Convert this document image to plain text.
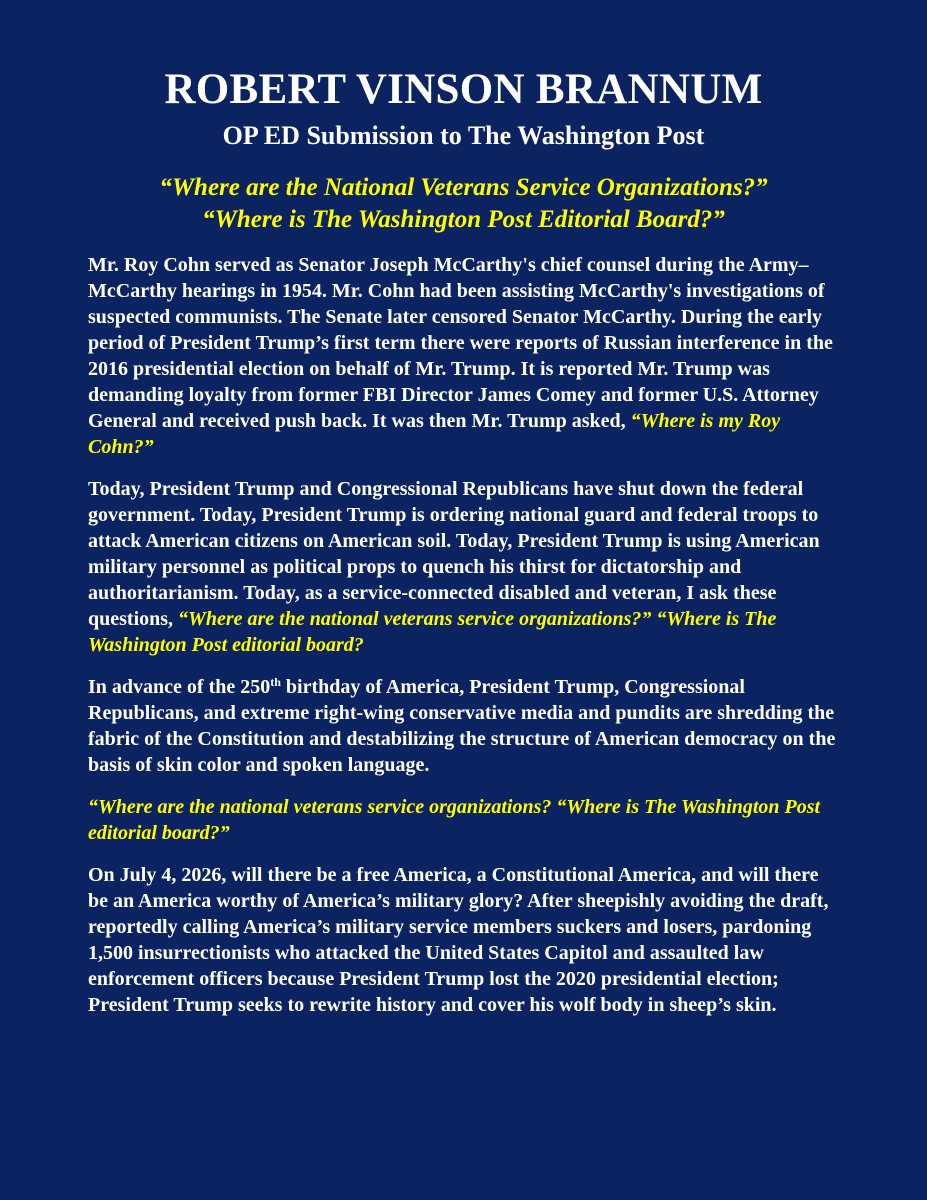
ROBERT VINSON BRANNUM
OP ED Submission to The Washington Post
“Where are the National Veterans Service Organizations?”
“Where is The Washington Post Editorial Board?”

Mr. Roy Cohn served as Senator Joseph McCarthy's chief counsel during the Army–McCarthy hearings in 1954. Mr. Cohn had been assisting McCarthy's investigations of suspected communists. The Senate later censored Senator McCarthy. During the early period of President Trump’s first term there were reports of Russian interference in the 2016 presidential election on behalf of Mr. Trump. It is reported Mr. Trump was demanding loyalty from former FBI Director James Comey and former U.S. Attorney General and received push back. It was then Mr. Trump asked, “Where is my Roy Cohn?”

Today, President Trump and Congressional Republicans have shut down the federal government. Today, President Trump is ordering national guard and federal troops to attack American citizens on American soil. Today, President Trump is using American military personnel as political props to quench his thirst for dictatorship and authoritarianism. Today, as a service-connected disabled and veteran, I ask these questions, “Where are the national veterans service organizations?” “Where is The Washington Post editorial board?

In advance of the 250th birthday of America, President Trump, Congressional Republicans, and extreme right-wing conservative media and pundits are shredding the fabric of the Constitution and destabilizing the structure of American democracy on the basis of skin color and spoken language.

“Where are the national veterans service organizations? “Where is The Washington Post editorial board?”

On July 4, 2026, will there be a free America, a Constitutional America, and will there be an America worthy of America’s military glory? After sheepishly avoiding the draft, reportedly calling America’s military service members suckers and losers, pardoning 1,500 insurrectionists who attacked the United States Capitol and assaulted law enforcement officers because President Trump lost the 2020 presidential election; President Trump seeks to rewrite history and cover his wolf body in sheep’s skin.
